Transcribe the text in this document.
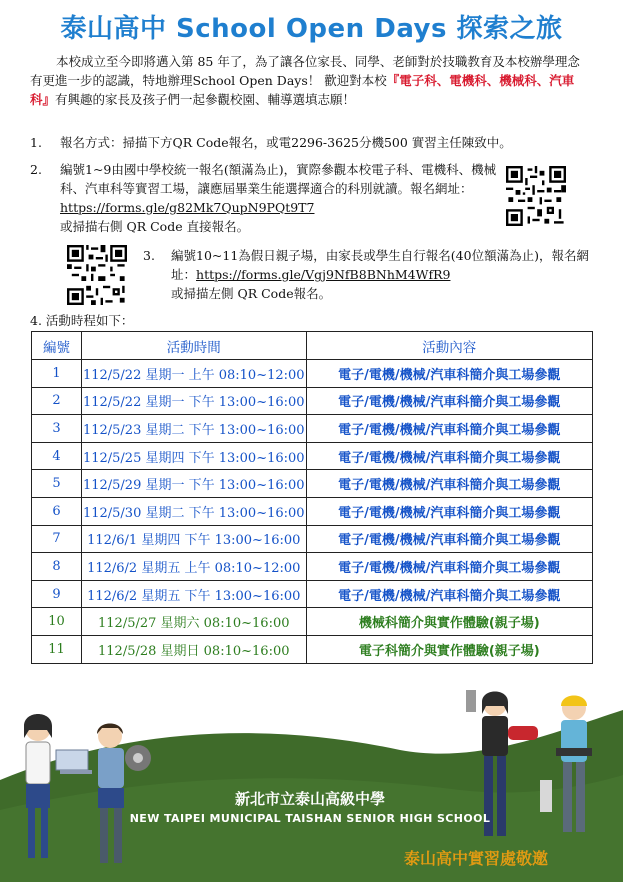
泰山高中 School Open Days 探索之旅
本校成立至今即將邁入第 85 年了，為了讓各位家長、同學、老師對於技職教育及本校辦學理念有更進一步的認識，特地辦理School Open Days！ 歡迎對本校『電子科、電機科、機械科、汽車科』有興趣的家長及孩子們一起參觀校園、輔導選填志願！
1. 報名方式：掃描下方QR Code報名，或電2296-3625分機500 實習主任陳致中。
2. 編號1~9由國中學校統一報名(額滿為止)，實際參觀本校電子科、電機科、機械科、汽車科等實習工場，讓應屆畢業生能選擇適合的科別就讀。報名網址：https://forms.gle/g82Mk7QupN9PQt9T7
或掃描右側 QR Code 直接報名。
3. 編號10~11為假日親子場，由家長或學生自行報名(40位額滿為止)，報名網址：https://forms.gle/Vgj9NfB8BNhM4WfR9
或掃描左側 QR Code報名。
4. 活動時程如下：
編號	活動時間	活動內容
1	112/5/22 星期一 上午 08:10~12:00	電子/電機/機械/汽車科簡介與工場參觀
2	112/5/22 星期一 下午 13:00~16:00	電子/電機/機械/汽車科簡介與工場參觀
3	112/5/23 星期二 下午 13:00~16:00	電子/電機/機械/汽車科簡介與工場參觀
4	112/5/25 星期四 下午 13:00~16:00	電子/電機/機械/汽車科簡介與工場參觀
5	112/5/29 星期一 下午 13:00~16:00	電子/電機/機械/汽車科簡介與工場參觀
6	112/5/30 星期二 下午 13:00~16:00	電子/電機/機械/汽車科簡介與工場參觀
7	112/6/1 星期四 下午 13:00~16:00	電子/電機/機械/汽車科簡介與工場參觀
8	112/6/2 星期五 上午 08:10~12:00	電子/電機/機械/汽車科簡介與工場參觀
9	112/6/2 星期五 下午 13:00~16:00	電子/電機/機械/汽車科簡介與工場參觀
10	112/5/27 星期六 08:10~16:00	機械科簡介與實作體驗(親子場)
11	112/5/28 星期日 08:10~16:00	電子科簡介與實作體驗(親子場)
新北市立泰山高級中學
NEW TAIPEI MUNICIPAL TAISHAN SENIOR HIGH SCHOOL
泰山高中實習處敬邀
